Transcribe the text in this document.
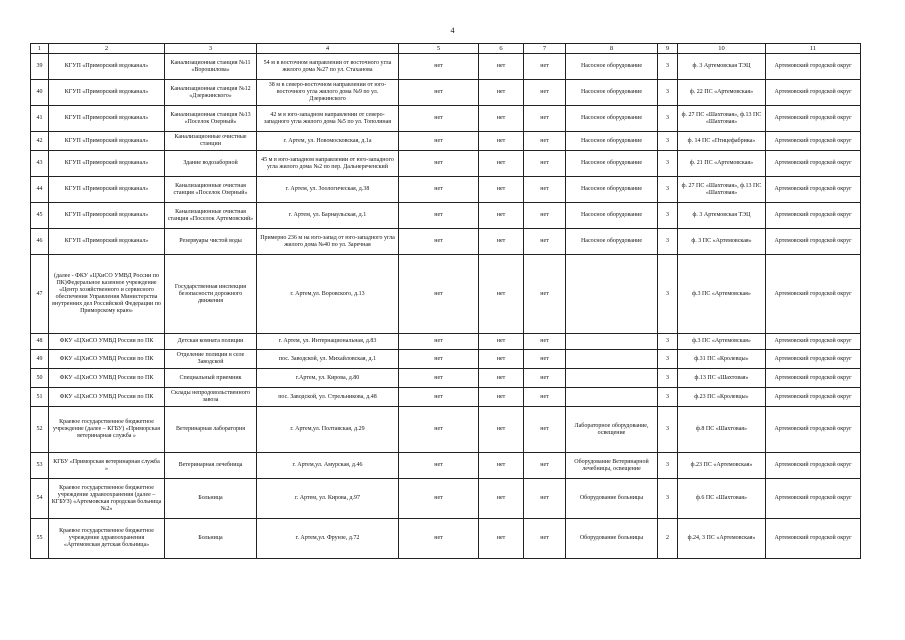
4
1	2	3	4	5	6	7	8	9	10	11
39	КГУП «Приморский водоканал»	Канализационная станция №11 «Ворошилова»	54 м в восточном направлении от восточного угла жилого дома №27 по ул. Стаханова	нет	нет	нет	Насосное оборудование	3	ф. 3 Артемовская ТЭЦ	Артемовский городской округ
40	КГУП «Приморский водоканал»	Канализационная станция №12 «Дзержинского»	38 м в северо-восточном направлении от юго-восточного угла жилого дома №9 по ул. Дзержинского	нет	нет	нет	Насосное оборудование	3	ф. 22 ПС «Артемовская»	Артемовский городской округ
41	КГУП «Приморский водоканал»	Канализационная станция №13 «Поселок Озерный»	42 м в юго-западном направлении от северо-западного угла жилого дома №5 по ул. Тополиная	нет	нет	нет	Насосное оборудование	3	ф. 27 ПС «Шахтовая», ф.13 ПС «Шахтовая»	Артемовский городской округ
42	КГУП «Приморский водоканал»	Канализационные очистные станции	г. Артем, ул. Новомосковская, д.1а	нет	нет	нет	Насосное оборудование	3	ф. 14 ПС «Птицефабрика»	Артемовский городской округ
43	КГУП «Приморский водоканал»	Здание водозаборной	45 м в юго-западном направлении от юго-западного угла жилого дома №2 по пер. Дальнереченский	нет	нет	нет	Насосное оборудование	3	ф. 21 ПС «Артемовская»	Артемовский городской округ
44	КГУП «Приморский водоканал»	Канализационные очистная станция «Поселок Озерный»	г. Артем, ул. Зоологическая, д.38	нет	нет	нет	Насосное оборудование	3	ф. 27 ПС «Шахтовая», ф.13 ПС «Шахтовая»	Артемовский городской округ
45	КГУП «Приморский водоканал»	Канализационные очистная станция «Поселок Артемовский»	г. Артем, ул. Барнаульская, д.1	нет	нет	нет	Насосное оборудование	3	ф. 3 Артемовская ТЭЦ	Артемовский городской округ
46	КГУП «Приморский водоканал»	Резервуары чистой воды	Примерно 236 м на юго-запад от юго-западного угла жилого дома №40 по ул. Заречная	нет	нет	нет	Насосное оборудование	3	ф. 3 ПС «Артемовская»	Артемовский городской округ
47	(далее - ФКУ «ЦХиСО УМВД России по ПК)Федеральное казенное учреждение «Центр хозяйственного и сервисного обеспечения Управления Министерства внутренних дел Российской Федерации по Приморскому краю»	Государственная инспекция безопасности дорожного движения	г. Артем,ул. Воровского, д.13	нет	нет	нет		3	ф.3 ПС «Артемовская»	Артемовский городской округ
48	ФКУ «ЦХиСО УМВД России по ПК	Детская комната полиции	г. Артем, ул. Интернациональная, д.83	нет	нет	нет		3	ф.3 ПС «Артемовская»	Артемовский городской округ
49	ФКУ «ЦХиСО УМВД России по ПК	Отделение полиции в селе Заводской	пос. Заводской, ул. Михайловская, д.1	нет	нет	нет		3	ф.31 ПС «Кролевцы»	Артемовский городской округ
50	ФКУ «ЦХиСО УМВД России по ПК	Специальный приемник	г.Артем, ул. Кирова, д.80	нет	нет	нет		3	ф.13 ПС «Шахтовая»	Артемовский городской округ
51	ФКУ «ЦХиСО УМВД России по ПК	Склады непродовольственного завоза	пос. Заводской, ул. Стрельникова, д.48	нет	нет	нет		3	ф.23 ПС «Кролевцы»	Артемовский городской округ
52	Краевое государственное бюджетное учреждение (далее – КГБУ) «Приморская ветеринарная служба »	Ветеринарная лаборатория	г. Артем,ул. Полтавская, д.29	нет	нет	нет	Лабораторное оборудование, освещение	3	ф.8 ПС «Шахтовая»	Артемовский городской округ
53	КГБУ «Приморская ветеринарная служба »	Ветеринарная лечебница	г. Артем,ул. Амурская, д.46	нет	нет	нет	Оборудование Ветеринарной лечебницы, освещение	3	ф.23 ПС «Артемовская»	Артемовский городской округ
54	Краевое государственное бюджетное учреждение здравоохранения (далее – КГБУЗ) «Артемовская городская больница №2»	Больница	г. Артем, ул. Кирова, д.97	нет	нет	нет	Оборудование больницы	3	ф.6 ПС «Шахтовая»	Артемовский городской округ
55	Краевое государственное бюджетное учреждение здравоохранения «Артемовская детская больница»	Больница	г. Артем,ул. Фрунзе, д.72	нет	нет	нет	Оборудование больницы	2	ф.24, 3 ПС «Артемовская»	Артемовский городской округ
